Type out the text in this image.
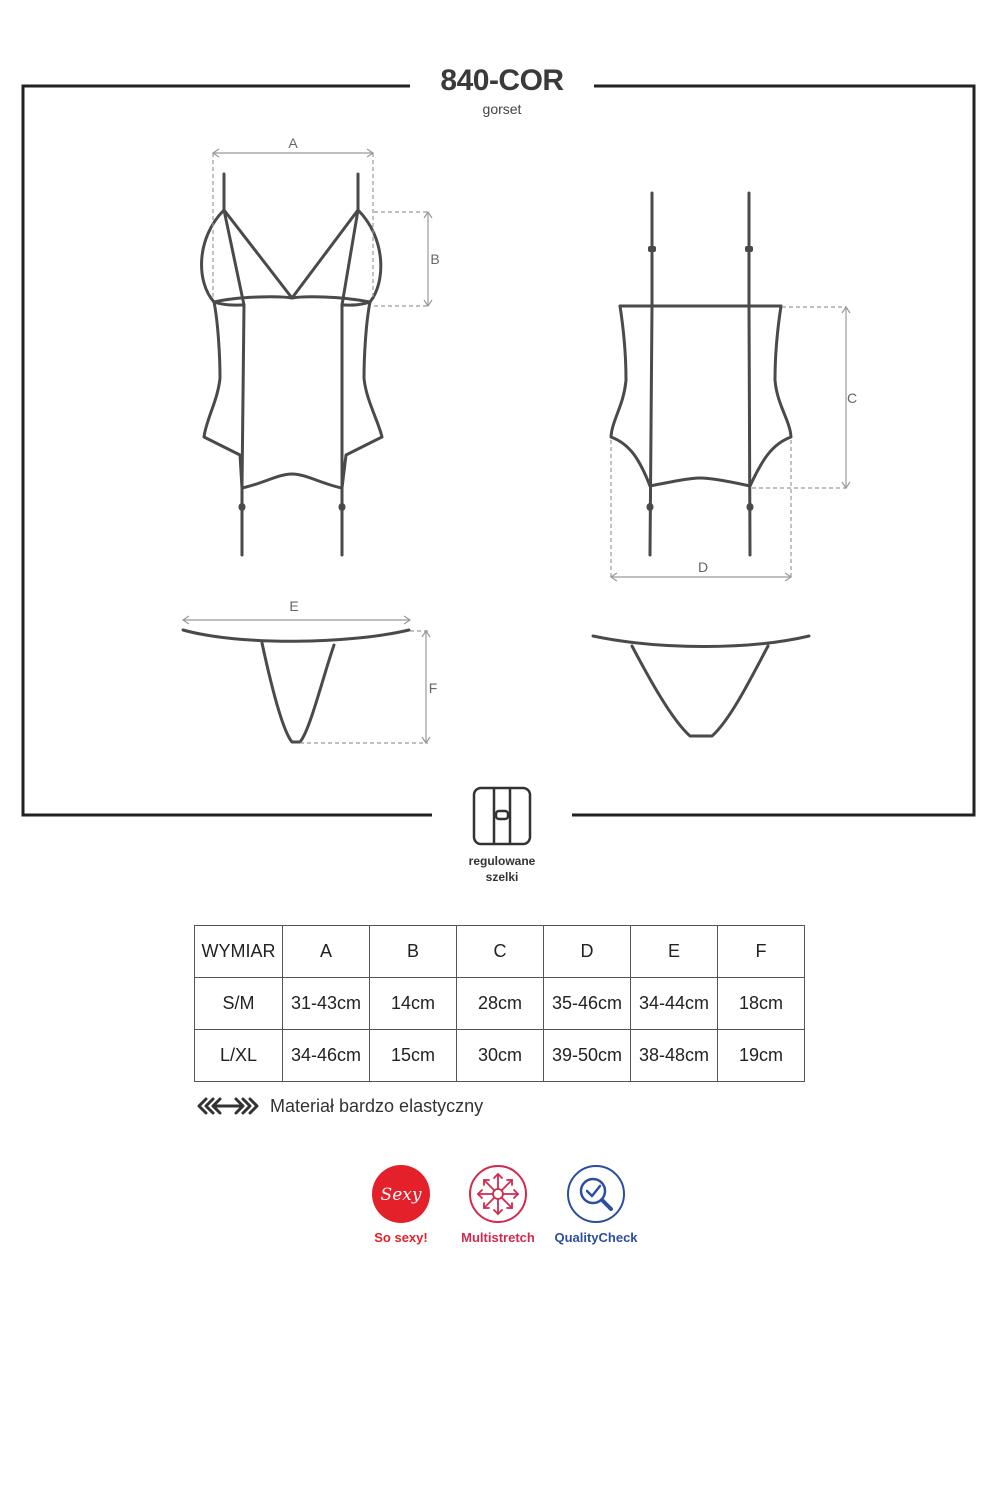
A
B
C
D
E
F
840-COR
gorset
regulowane
szelki
WYMIAR	A	B	C	D	E	F
S/M	31-43cm	14cm	28cm	35-46cm	34-44cm	18cm
L/XL	34-46cm	15cm	30cm	39-50cm	38-48cm	19cm
Materiał bardzo elastyczny
Sexy
So sexy!	Multistretch	QualityCheck
